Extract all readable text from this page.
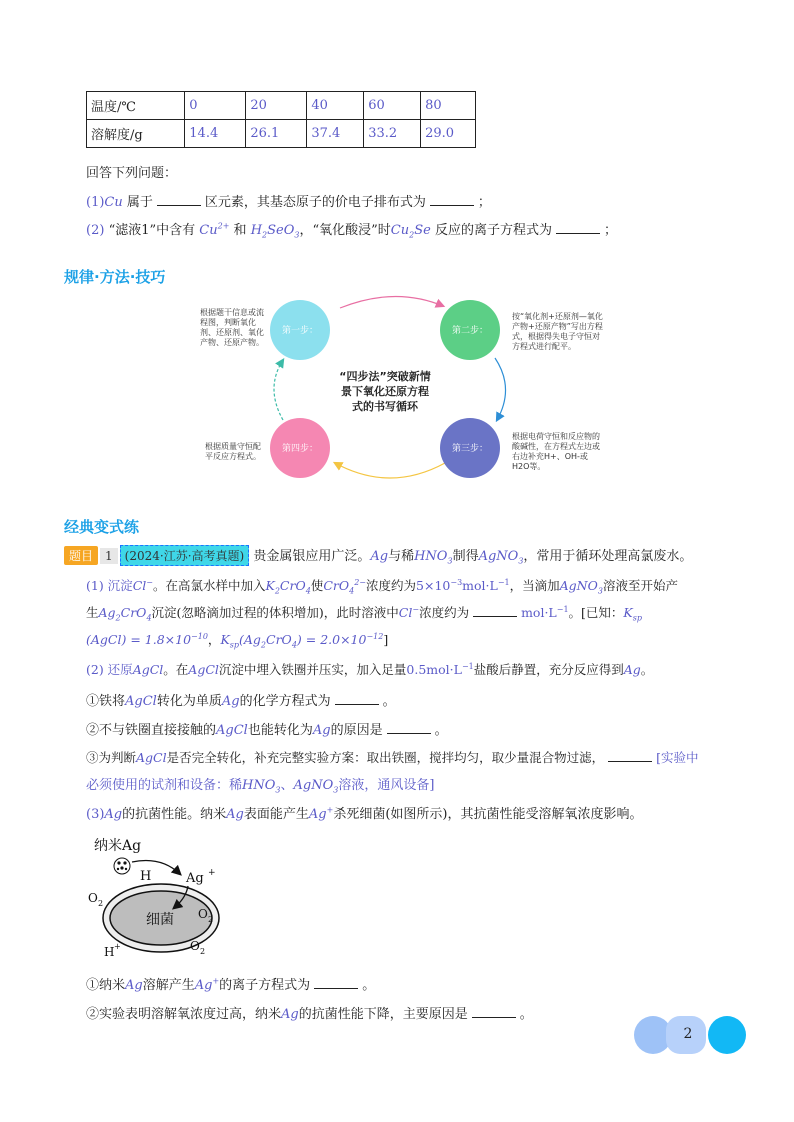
温度/℃	0	20	40	60	80
溶解度/g	14.4	26.1	37.4	33.2	29.0
回答下列问题：
(1)Cu 属于	区元素，其基态原子的价电子排布式为	；
(2) “滤液1”中含有 $Cu^{2+}$ 和 $H_2SeO_3$，“氧化酸浸”时$Cu_2Se$ 反应的离子方程式为	；
规律·方法·技巧
第一步：	第二步：
第三步：
第四步：
“四步法”突破新情
景下氧化还原方程
式的书写循环
根据题干信息或流
程图，判断氧化
剂、还原剂、氧化
产物、还原产物。
按“氧化剂+还原剂—氧化
产物+还原产物”写出方程
式，根据得失电子守恒对
方程式进行配平。
根据电荷守恒和反应物的
酸碱性，在方程式左边或
右边补充H+、OH-或
H2O等。
根据质量守恒配
平反应方程式。
经典变式练
题目 1 (2024·江苏·高考真题) 贵金属银应用广泛。Ag与稀$HNO_3$制得AgNO$_3$，常用于循环处理高氯废水。
(1) 沉淀Cl−。在高氯水样中加入$K_2CrO_4$使CrO$_4^{2-}$浓度约为$5\times 10^{-3}mol\cdot L^{-1}$，当滴加AgNO$_3$溶液至开始产
生$Ag_2CrO_4$沉淀(忽略滴加过程的体积增加)，此时溶液中Cl−浓度约为	$mol\cdot L^{-1}$。[已知：$K_{sp}$
(AgCl) = $1.8\times 10^{-10}$，$K_{sp}(Ag_2CrO_4) = 2.0\times 10^{-12}$]
(2) 还原AgCl。在AgCl沉淀中埋入铁圈并压实，加入足量$0.5mol\cdot L^{-1}$盐酸后静置，充分反应得到Ag。
①铁将AgCl转化为单质Ag的化学方程式为	。
②不与铁圈直接接触的AgCl也能转化为Ag的原因是	。
③为判断AgCl是否完全转化，补充完整实验方案：取出铁圈，搅拌均匀，取少量混合物过滤，	[实验中
必须使用的试剂和设备：稀$HNO_3$、AgNO$_3$溶液，通风设备]
(3)Ag的抗菌性能。纳米Ag表面能产生Ag+杀死细菌(如图所示)，其抗菌性能受溶解氧浓度影响。
纳米Ag
H	Ag +
细菌
O 2
O 2
O 2
H +
①纳米Ag溶解产生Ag+的离子方程式为	。
②实验表明溶解氧浓度过高，纳米Ag的抗菌性能下降，主要原因是	。
2
